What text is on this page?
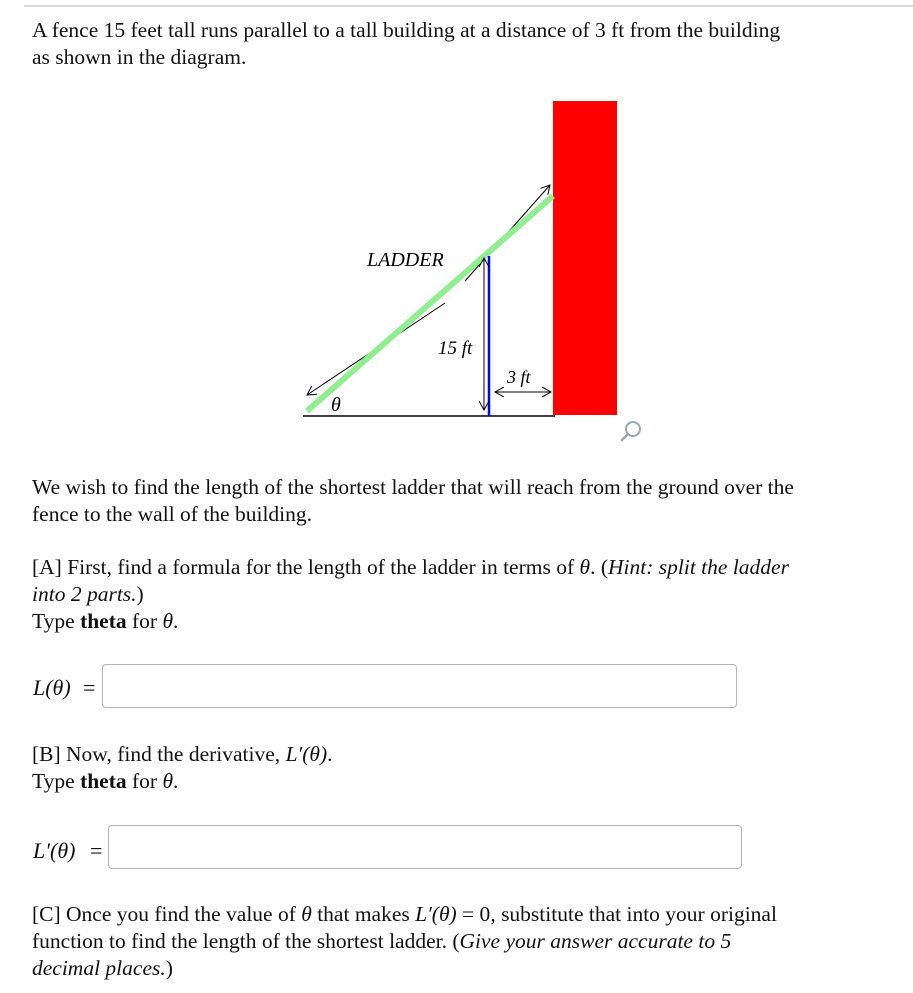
A fence 15 feet tall runs parallel to a tall building at a distance of 3 ft from the building
as shown in the diagram.

LADDER
15 ft
3 ft
θ

We wish to find the length of the shortest ladder that will reach from the ground over the
fence to the wall of the building.

[A] First, find a formula for the length of the ladder in terms of θ. (Hint: split the ladder
into 2 parts.)
Type theta for θ.

L(θ) =

[B] Now, find the derivative, L′(θ).
Type theta for θ.

L′(θ) =

[C] Once you find the value of θ that makes L′(θ) = 0, substitute that into your original
function to find the length of the shortest ladder. (Give your answer accurate to 5
decimal places.)
